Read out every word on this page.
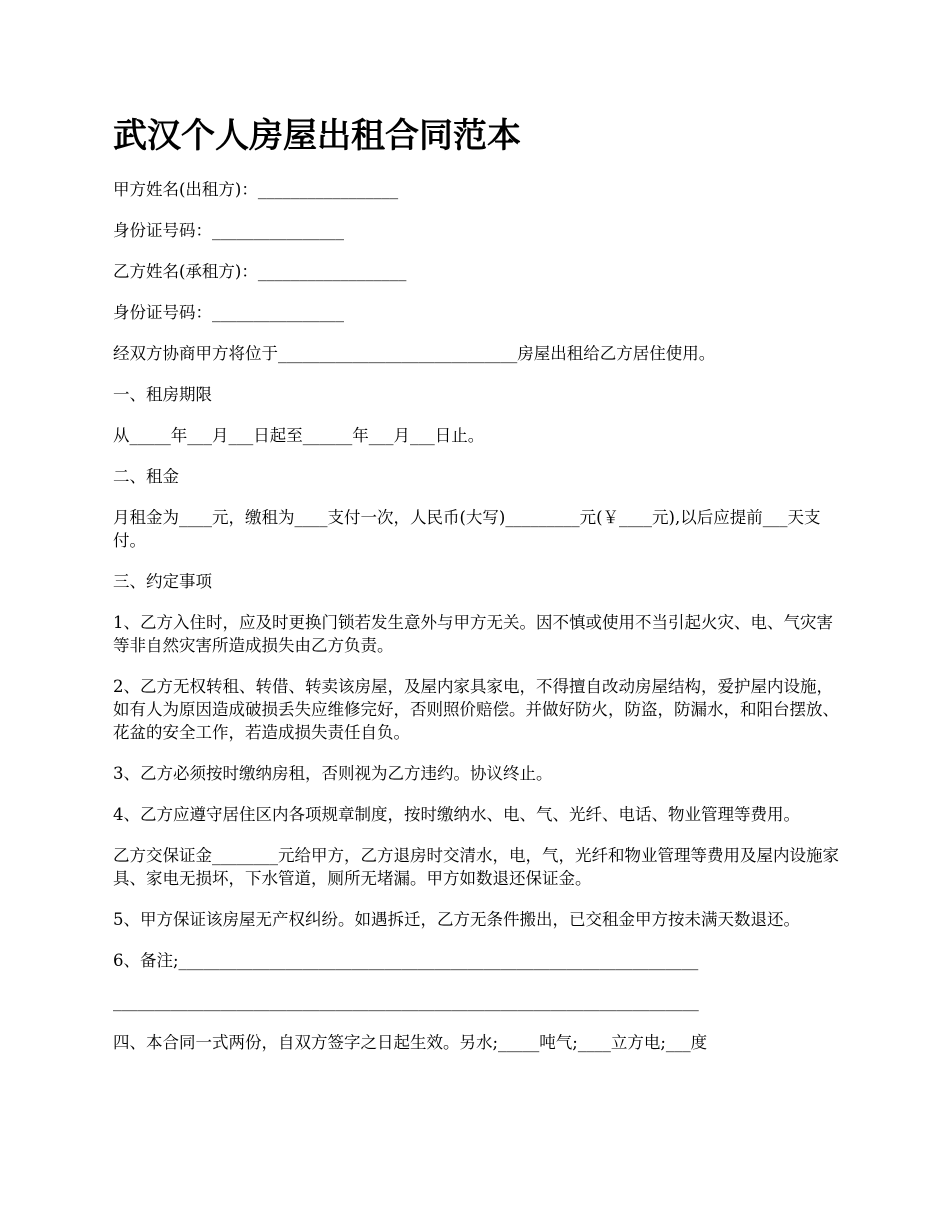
武汉个人房屋出租合同范本
甲方姓名(出租方)：_________________
身份证号码：________________
乙方姓名(承租方)：__________________
身份证号码：________________
经双方协商甲方将位于_____________________________房屋出租给乙方居住使用。
一、租房期限
从_____年___月___日起至______年___月___日止。
二、租金
月租金为____元，缴租为____支付一次，人民币(大写)_________元(￥____元),以后应提前___天支付。
三、约定事项
1、乙方入住时，应及时更换门锁若发生意外与甲方无关。因不慎或使用不当引起火灾、电、气灾害等非自然灾害所造成损失由乙方负责。
2、乙方无权转租、转借、转卖该房屋，及屋内家具家电，不得擅自改动房屋结构，爱护屋内设施，如有人为原因造成破损丢失应维修完好，否则照价赔偿。并做好防火，防盗，防漏水，和阳台摆放、花盆的安全工作，若造成损失责任自负。
3、乙方必须按时缴纳房租，否则视为乙方违约。协议终止。
4、乙方应遵守居住区内各项规章制度，按时缴纳水、电、气、光纤、电话、物业管理等费用。
乙方交保证金________元给甲方，乙方退房时交清水，电，气，光纤和物业管理等费用及屋内设施家具、家电无损坏，下水管道，厕所无堵漏。甲方如数退还保证金。
5、甲方保证该房屋无产权纠纷。如遇拆迁，乙方无条件搬出，已交租金甲方按未满天数退还。
6、备注;_______________________________________________________________
_______________________________________________________________________
四、本合同一式两份，自双方签字之日起生效。另水;_____吨气;____立方电;___度
